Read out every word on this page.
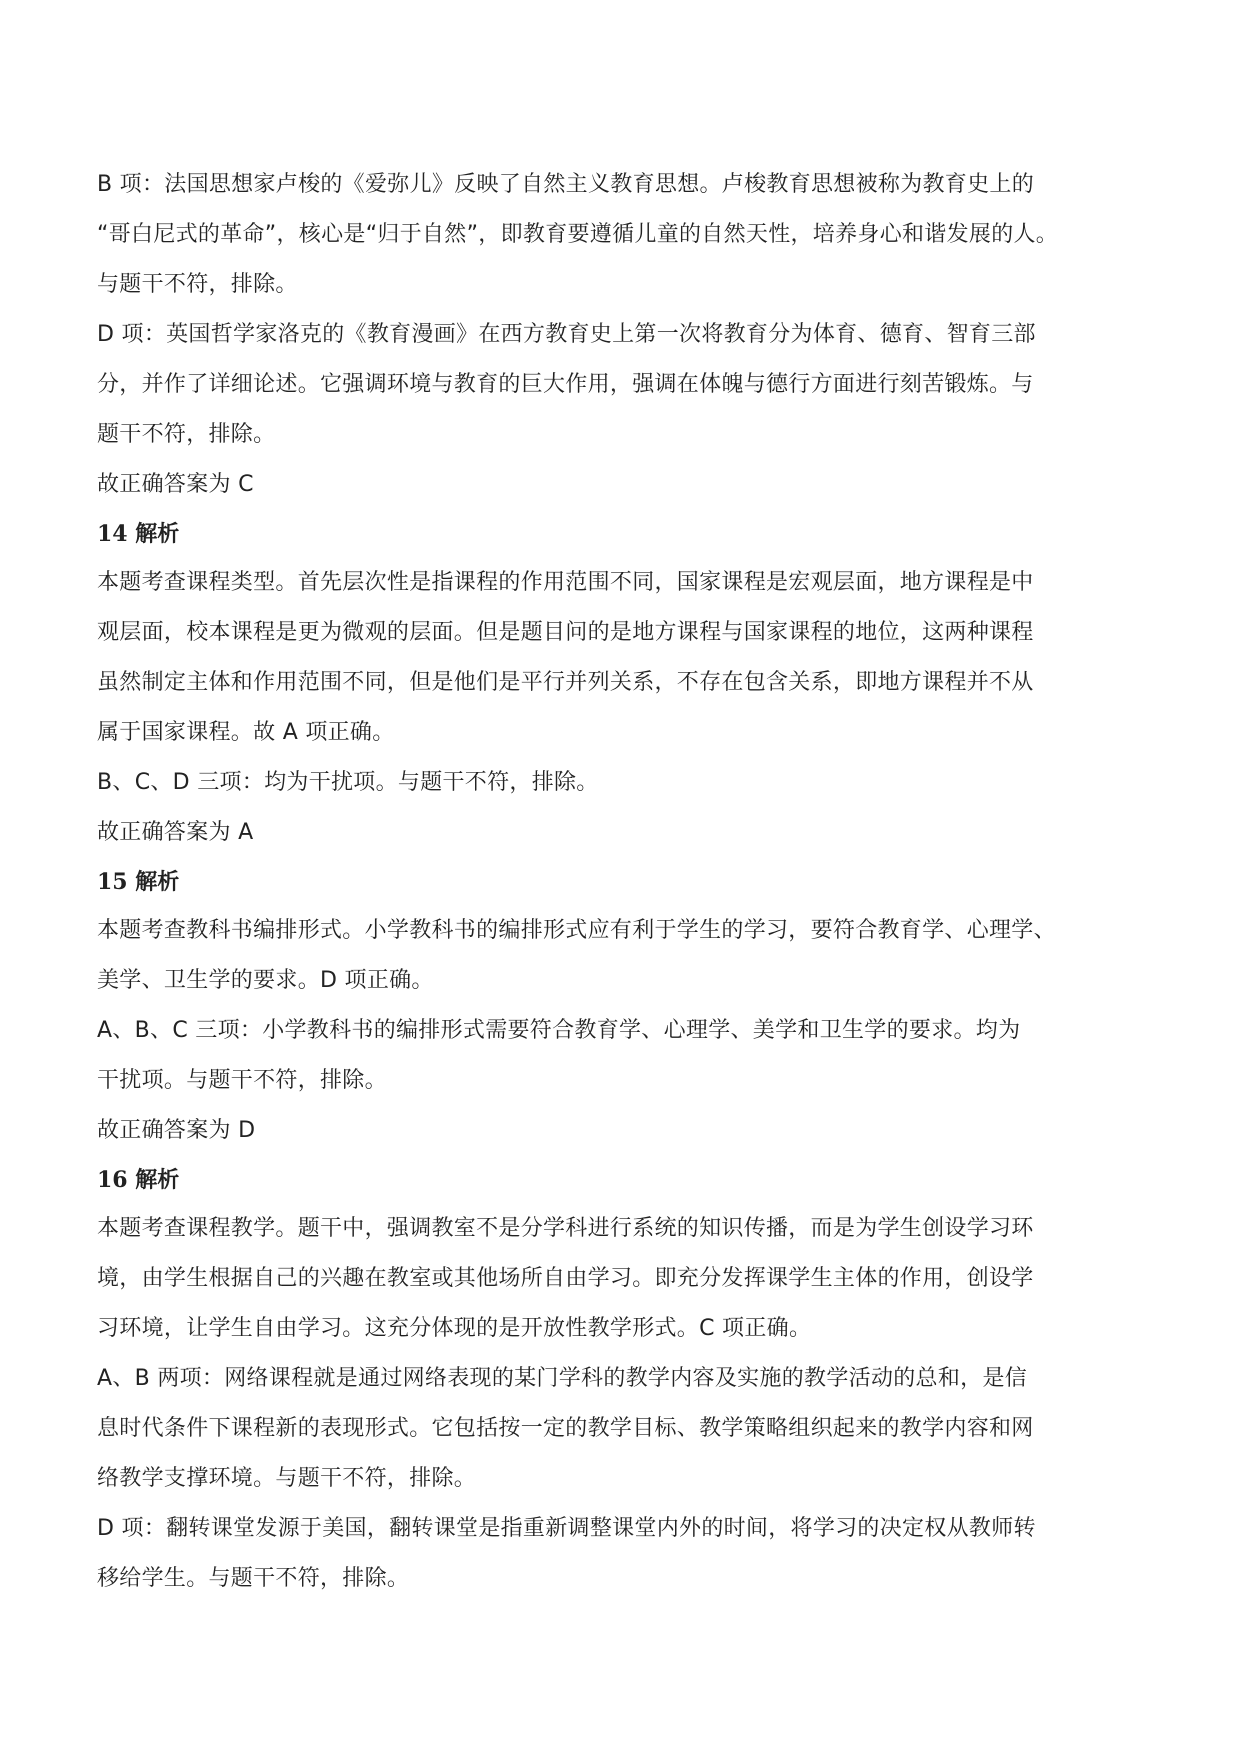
B 项：法国思想家卢梭的《爱弥儿》反映了自然主义教育思想。卢梭教育思想被称为教育史上的
“哥白尼式的革命”，核心是“归于自然”，即教育要遵循儿童的自然天性，培养身心和谐发展的人。
与题干不符，排除。
D 项：英国哲学家洛克的《教育漫画》在西方教育史上第一次将教育分为体育、德育、智育三部
分，并作了详细论述。它强调环境与教育的巨大作用，强调在体魄与德行方面进行刻苦锻炼。与
题干不符，排除。
故正确答案为 C
14 解析
本题考查课程类型。首先层次性是指课程的作用范围不同，国家课程是宏观层面，地方课程是中
观层面，校本课程是更为微观的层面。但是题目问的是地方课程与国家课程的地位，这两种课程
虽然制定主体和作用范围不同，但是他们是平行并列关系，不存在包含关系，即地方课程并不从
属于国家课程。故 A 项正确。
B、C、D 三项：均为干扰项。与题干不符，排除。
故正确答案为 A
15 解析
本题考查教科书编排形式。小学教科书的编排形式应有利于学生的学习，要符合教育学、心理学、
美学、卫生学的要求。D 项正确。
A、B、C 三项：小学教科书的编排形式需要符合教育学、心理学、美学和卫生学的要求。均为
干扰项。与题干不符，排除。
故正确答案为 D
16 解析
本题考查课程教学。题干中，强调教室不是分学科进行系统的知识传播，而是为学生创设学习环
境，由学生根据自己的兴趣在教室或其他场所自由学习。即充分发挥课学生主体的作用，创设学
习环境，让学生自由学习。这充分体现的是开放性教学形式。C 项正确。
A、B 两项：网络课程就是通过网络表现的某门学科的教学内容及实施的教学活动的总和，是信
息时代条件下课程新的表现形式。它包括按一定的教学目标、教学策略组织起来的教学内容和网
络教学支撑环境。与题干不符，排除。
D 项：翻转课堂发源于美国，翻转课堂是指重新调整课堂内外的时间，将学习的决定权从教师转
移给学生。与题干不符，排除。
